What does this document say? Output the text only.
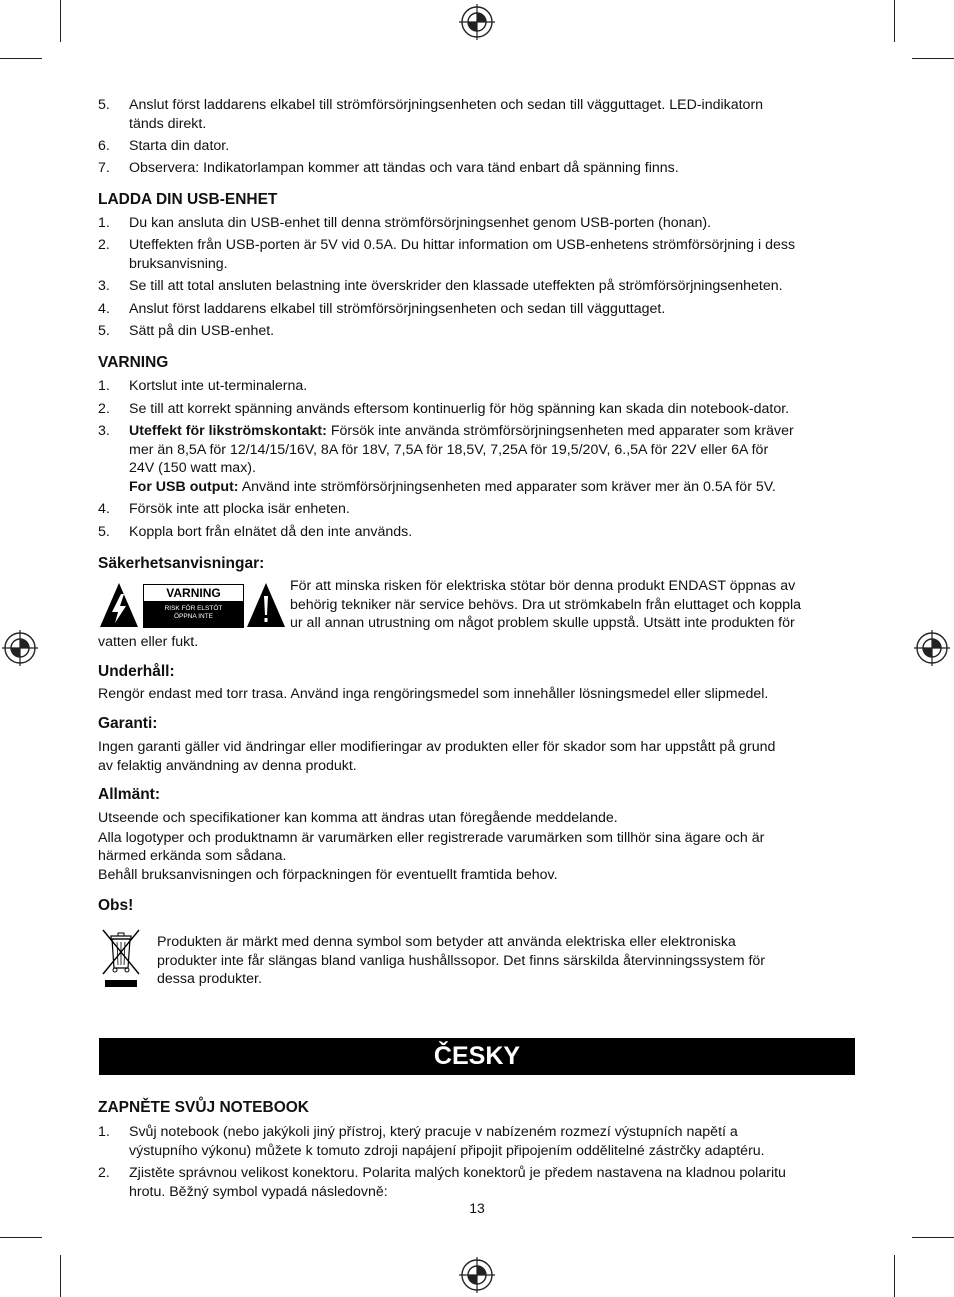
5. Anslut först laddarens elkabel till strömförsörjningsenheten och sedan till vägguttaget. LED-indikatorn
tänds direkt.
6. Starta din dator.
7. Observera: Indikatorlampan kommer att tändas och vara tänd enbart då spänning finns.
LADDA DIN USB-ENHET
1. Du kan ansluta din USB-enhet till denna strömförsörjningsenhet genom USB-porten (honan).
2. Uteffekten från USB-porten är 5V vid 0.5A. Du hittar information om USB-enhetens strömförsörjning i dess
bruksanvisning.
3. Se till att total ansluten belastning inte överskrider den klassade uteffekten på strömförsörjningsenheten.
4. Anslut först laddarens elkabel till strömförsörjningsenheten och sedan till vägguttaget.
5. Sätt på din USB-enhet.
VARNING
1. Kortslut inte ut-terminalerna.
2. Se till att korrekt spänning används eftersom kontinuerlig för hög spänning kan skada din notebook-dator.
3. Uteffekt för likströmskontakt: Försök inte använda strömförsörjningsenheten med apparater som kräver
mer än 8,5A för 12/14/15/16V, 8A för 18V, 7,5A för 18,5V, 7,25A för 19,5/20V, 6.,5A för 22V eller 6A för
24V (150 watt max).
For USB output: Använd inte strömförsörjningsenheten med apparater som kräver mer än 0.5A för 5V.
4. Försök inte att plocka isär enheten.
5. Koppla bort från elnätet då den inte används.
Säkerhetsanvisningar:
VARNING
RISK FÖR ELSTÖT
ÖPPNA INTE
För att minska risken för elektriska stötar bör denna produkt ENDAST öppnas av
behörig tekniker när service behövs. Dra ut strömkabeln från eluttaget och koppla
ur all annan utrustning om något problem skulle uppstå. Utsätt inte produkten för
vatten eller fukt.
Underhåll:
Rengör endast med torr trasa. Använd inga rengöringsmedel som innehåller lösningsmedel eller slipmedel.
Garanti:
Ingen garanti gäller vid ändringar eller modifieringar av produkten eller för skador som har uppstått på grund
av felaktig användning av denna produkt.
Allmänt:
Utseende och specifikationer kan komma att ändras utan föregående meddelande.
Alla logotyper och produktnamn är varumärken eller registrerade varumärken som tillhör sina ägare och är
härmed erkända som sådana.
Behåll bruksanvisningen och förpackningen för eventuellt framtida behov.
Obs!
Produkten är märkt med denna symbol som betyder att använda elektriska eller elektroniska
produkter inte får slängas bland vanliga hushållssopor. Det finns särskilda återvinningssystem för
dessa produkter.
ČESKY
ZAPNĚTE SVŮJ NOTEBOOK
1. Svůj notebook (nebo jakýkoli jiný přístroj, který pracuje v nabízeném rozmezí výstupních napětí a
výstupního výkonu) můžete k tomuto zdroji napájení připojit připojením oddělitelné zástrčky adaptéru.
2. Zjistěte správnou velikost konektoru. Polarita malých konektorů je předem nastavena na kladnou polaritu
hrotu. Běžný symbol vypadá následovně:
13
